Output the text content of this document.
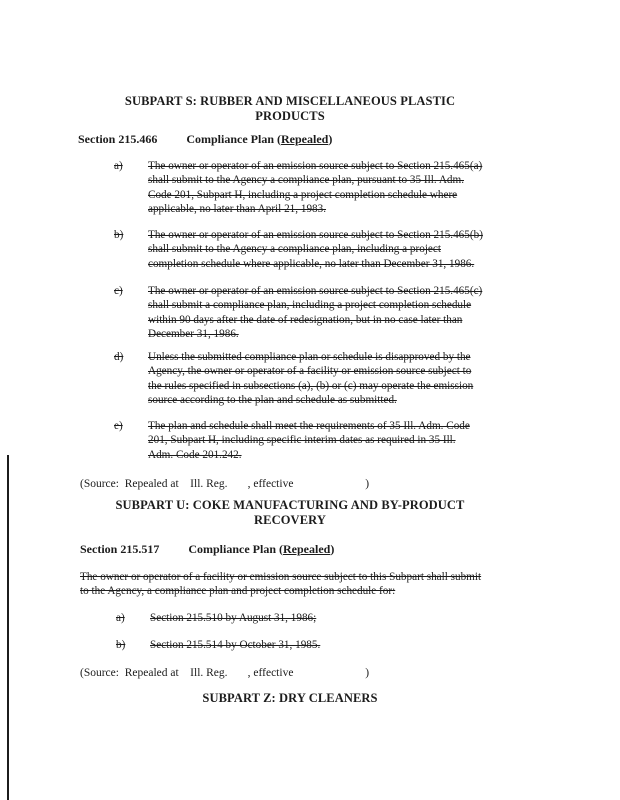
SUBPART S: RUBBER AND MISCELLANEOUS PLASTIC
PRODUCTS
Section 215.466 Compliance Plan (Repealed)
a) The owner or operator of an emission source subject to Section 215.465(a)
shall submit to the Agency a compliance plan, pursuant to 35 Ill. Adm.
Code 201, Subpart H, including a project completion schedule where
applicable, no later than April 21, 1983.
b) The owner or operator of an emission source subject to Section 215.465(b)
shall submit to the Agency a compliance plan, including a project
completion schedule where applicable, no later than December 31, 1986.
c) The owner or operator of an emission source subject to Section 215.465(c)
shall submit a compliance plan, including a project completion schedule
within 90 days after the date of redesignation, but in no case later than
December 31, 1986.
d) Unless the submitted compliance plan or schedule is disapproved by the
Agency, the owner or operator of a facility or emission source subject to
the rules specified in subsections (a), (b) or (c) may operate the emission
source according to the plan and schedule as submitted.
e) The plan and schedule shall meet the requirements of 35 Ill. Adm. Code
201, Subpart H, including specific interim dates as required in 35 Ill.
Adm. Code 201.242.
(Source:  Repealed at    Ill. Reg.       , effective                         )
SUBPART U: COKE MANUFACTURING AND BY-PRODUCT
RECOVERY
Section 215.517 Compliance Plan (Repealed)
The owner or operator of a facility or emission source subject to this Subpart shall submit
to the Agency, a compliance plan and project completion schedule for:
a) Section 215.510 by August 31, 1986;
b) Section 215.514 by October 31, 1985.
(Source:  Repealed at    Ill. Reg.       , effective                         )
SUBPART Z: DRY CLEANERS
